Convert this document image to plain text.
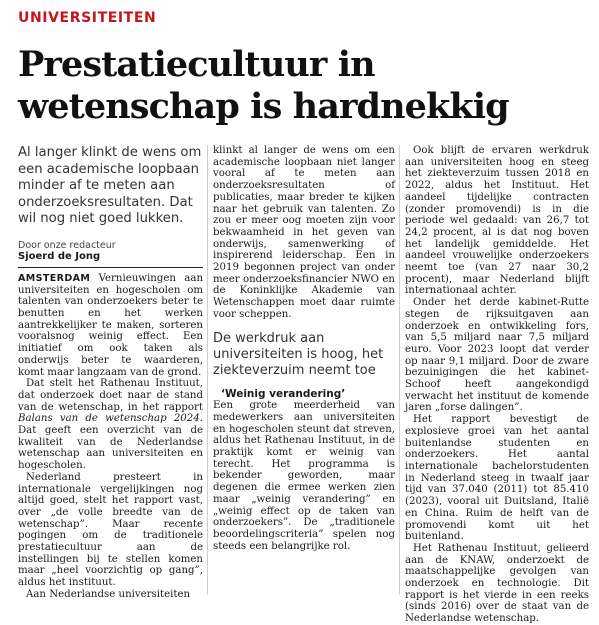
UNIVERSITEITEN
Prestatiecultuur in wetenschap is hardnekkig
Al langer klinkt de wens om een academische loopbaan minder af te meten aan onderzoeksresultaten. Dat wil nog niet goed lukken.

Door onze redacteur

Sjoerd de Jong

AMSTERDAM Vernieuwingen aan universiteiten en hogescholen om talenten van onderzoekers beter te benutten en het werken aantrekkelijker te maken, sorteren vooralsnog weinig effect. Een initiatief om ook taken als onderwijs beter te waarderen, komt maar langzaam van de grond.

Dat stelt het Rathenau Instituut, dat onderzoek doet naar de stand van de wetenschap, in het rapport Balans van de wetenschap 2024. Dat geeft een overzicht van de kwaliteit van de Nederlandse wetenschap aan universiteiten en hogescholen.

Nederland presteert in internationale vergelijkingen nog altijd goed, stelt het rapport vast, over „de volle breedte van de wetenschap”. Maar recente pogingen om de traditionele prestatiecultuur aan de instellingen bij te stellen komen maar „heel voorzichtig op gang”, aldus het instituut.

Aan Nederlandse universiteiten

klinkt al langer de wens om een academische loopbaan niet langer vooral af te meten aan onderzoeksresultaten of publicaties, maar breder te kijken naar het gebruik van talenten. Zo zou er meer oog moeten zijn voor bekwaamheid in het geven van onderwijs, samenwerking of inspirerend leiderschap. Een in 2019 begonnen project van onder meer onderzoeksfinancier NWO en de Koninklijke Akademie van Wetenschappen moet daar ruimte voor scheppen.

De werkdruk aan universiteiten is hoog, het ziekteverzuim neemt toe

‘Weinig verandering’

Een grote meerderheid van medewerkers aan universiteiten en hogescholen steunt dat streven, aldus het Rathenau Instituut, in de praktijk komt er weinig van terecht. Het programma is bekender geworden, maar degenen die ermee werken zien maar „weinig verandering” en „weinig effect op de taken van onderzoekers”. De „traditionele beoordelingscriteria” spelen nog steeds een belangrijke rol.

Ook blijft de ervaren werkdruk aan universiteiten hoog en steeg het ziekteverzuim tussen 2018 en 2022, aldus het Instituut. Het aandeel tijdelijke contracten (zonder promovendi) is in die periode wel gedaald: van 26,7 tot 24,2 procent, al is dat nog boven het landelijk gemiddelde. Het aandeel vrouwelijke onderzoekers neemt toe (van 27 naar 30,2 procent), maar Nederland blijft internationaal achter.

Onder het derde kabinet-Rutte stegen de rijksuitgaven aan onderzoek en ontwikkeling fors, van 5,5 miljard naar 7,5 miljard euro. Voor 2023 loopt dat verder op naar 9,1 miljard. Door de zware bezuinigingen die het kabinet-Schoof heeft aangekondigd verwacht het instituut de komende jaren „forse dalingen”.

Het rapport bevestigt de explosieve groei van het aantal buitenlandse studenten en onderzoekers. Het aantal internationale bachelorstudenten in Nederland steeg in twaalf jaar tijd van 37.040 (2011) tot 85.410 (2023), vooral uit Duitsland, Italië en China. Ruim de helft van de promovendi komt uit het buitenland.

Het Rathenau Instituut, gelieerd aan de KNAW, onderzoekt de maatschappelijke gevolgen van onderzoek en technologie. Dit rapport is het vierde in een reeks (sinds 2016) over de staat van de Nederlandse wetenschap.
